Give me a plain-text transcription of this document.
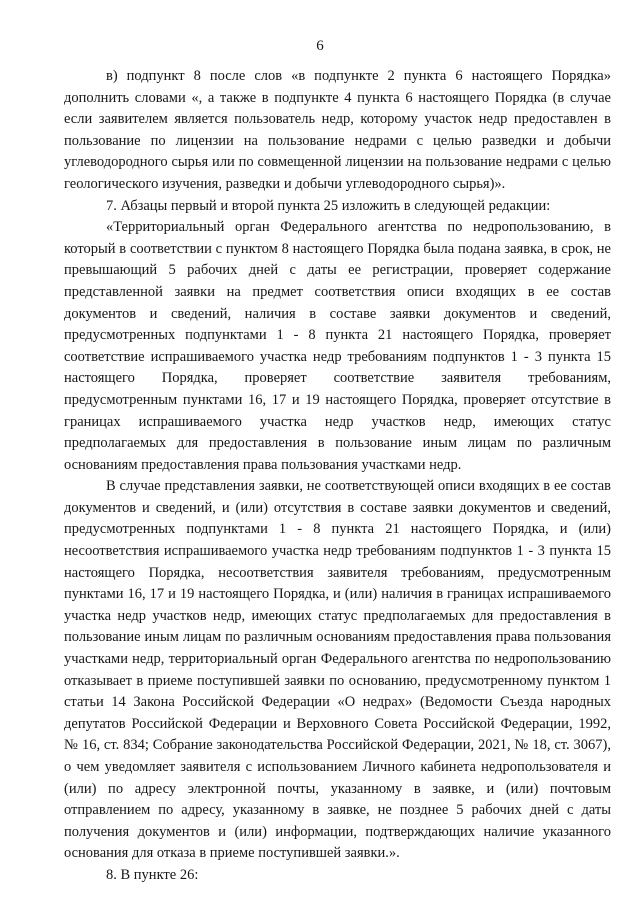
6

в) подпункт 8 после слов «в подпункте 2 пункта 6 настоящего Порядка» дополнить словами «, а также в подпункте 4 пункта 6 настоящего Порядка (в случае если заявителем является пользователь недр, которому участок недр предоставлен в пользование по лицензии на пользование недрами с целью разведки и добычи углеводородного сырья или по совмещенной лицензии на пользование недрами с целью геологического изучения, разведки и добычи углеводородного сырья)».

7. Абзацы первый и второй пункта 25 изложить в следующей редакции:

«Территориальный орган Федерального агентства по недропользованию, в который в соответствии с пунктом 8 настоящего Порядка была подана заявка, в срок, не превышающий 5 рабочих дней с даты ее регистрации, проверяет содержание представленной заявки на предмет соответствия описи входящих в ее состав документов и сведений, наличия в составе заявки документов и сведений, предусмотренных подпунктами 1 - 8 пункта 21 настоящего Порядка, проверяет соответствие испрашиваемого участка недр требованиям подпунктов 1 - 3 пункта 15 настоящего Порядка, проверяет соответствие заявителя требованиям, предусмотренным пунктами 16, 17 и 19 настоящего Порядка, проверяет отсутствие в границах испрашиваемого участка недр участков недр, имеющих статус предполагаемых для предоставления в пользование иным лицам по различным основаниям предоставления права пользования участками недр.

В случае представления заявки, не соответствующей описи входящих в ее состав документов и сведений, и (или) отсутствия в составе заявки документов и сведений, предусмотренных подпунктами 1 - 8 пункта 21 настоящего Порядка, и (или) несоответствия испрашиваемого участка недр требованиям подпунктов 1 - 3 пункта 15 настоящего Порядка, несоответствия заявителя требованиям, предусмотренным пунктами 16, 17 и 19 настоящего Порядка, и (или) наличия в границах испрашиваемого участка недр участков недр, имеющих статус предполагаемых для предоставления в пользование иным лицам по различным основаниям предоставления права пользования участками недр, территориальный орган Федерального агентства по недропользованию отказывает в приеме поступившей заявки по основанию, предусмотренному пунктом 1 статьи 14 Закона Российской Федерации «О недрах» (Ведомости Съезда народных депутатов Российской Федерации и Верховного Совета Российской Федерации, 1992, № 16, ст. 834; Собрание законодательства Российской Федерации, 2021, № 18, ст. 3067), о чем уведомляет заявителя с использованием Личного кабинета недропользователя и (или) по адресу электронной почты, указанному в заявке, и (или) почтовым отправлением по адресу, указанному в заявке, не позднее 5 рабочих дней с даты получения документов и (или) информации, подтверждающих наличие указанного основания для отказа в приеме поступившей заявки.».

8. В пункте 26:
